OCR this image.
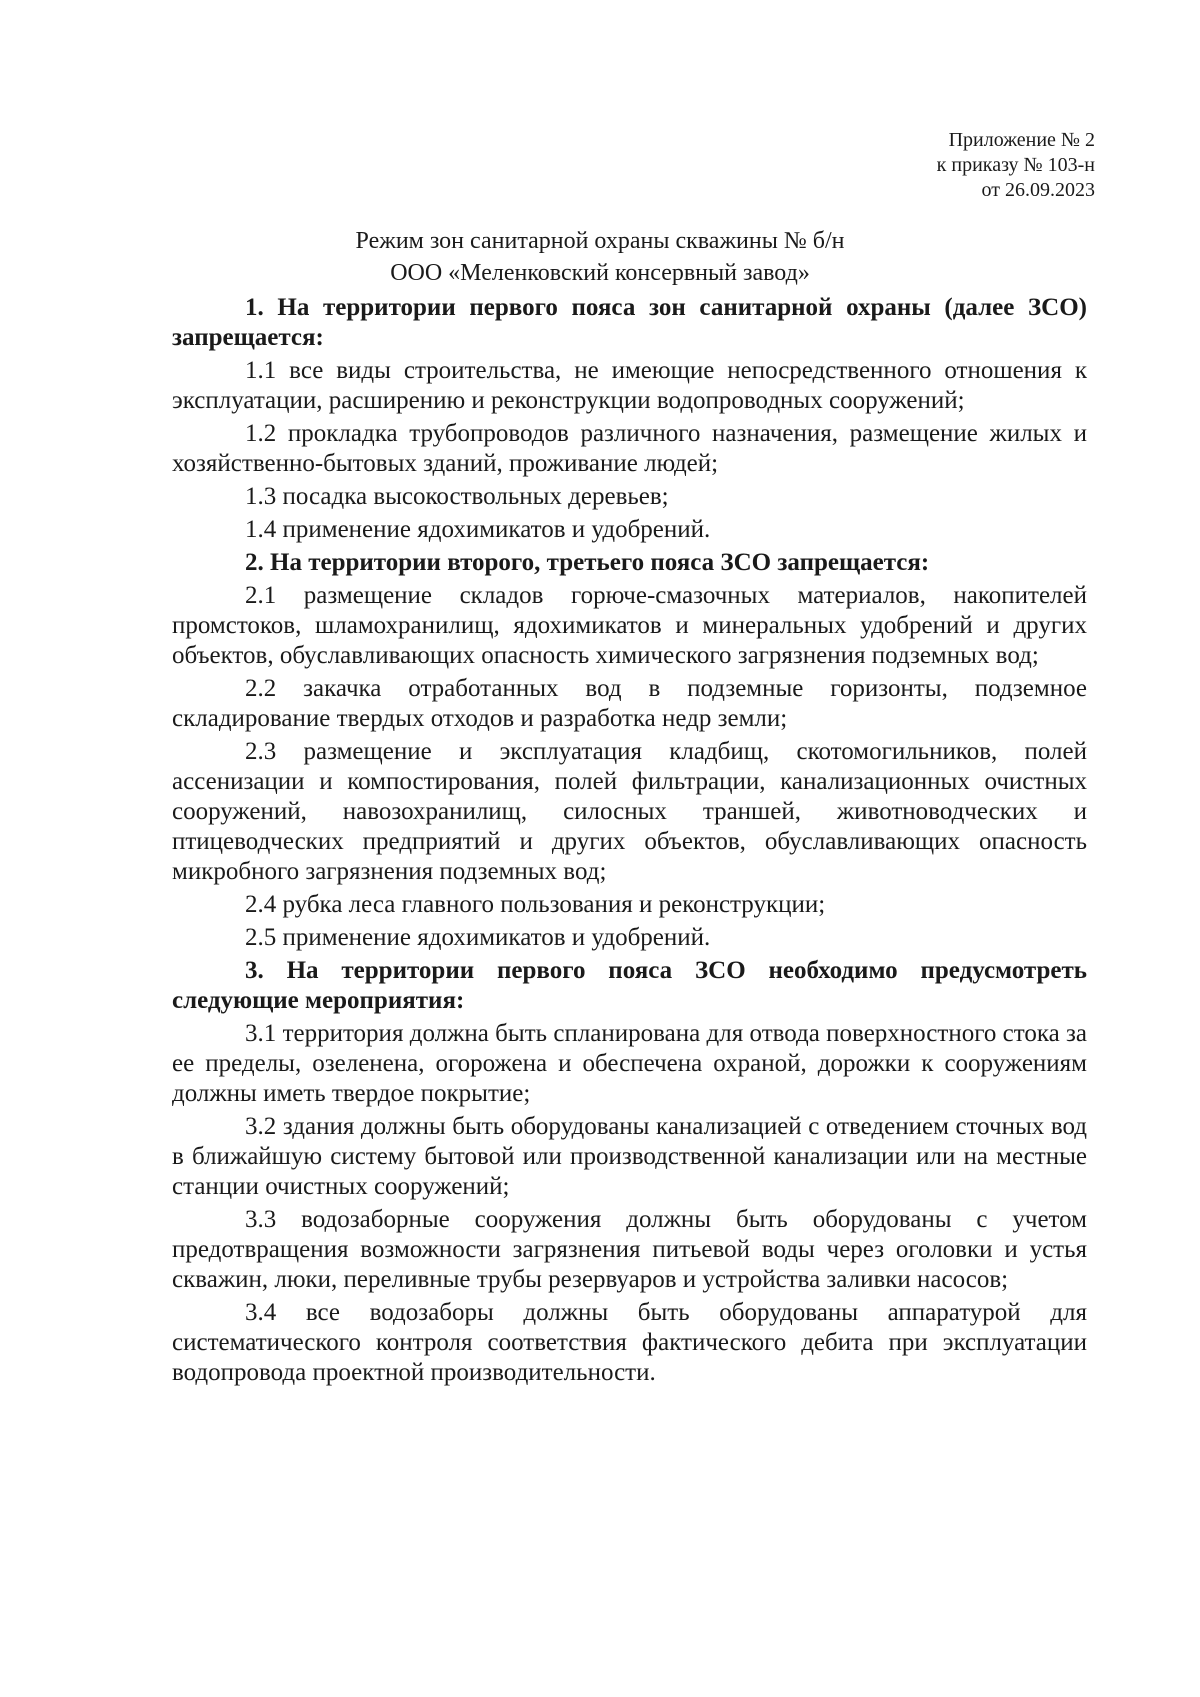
Приложение № 2
к приказу № 103-н
от 26.09.2023
Режим зон санитарной охраны скважины № б/н
ООО «Меленковский консервный завод»

1. На территории первого пояса зон санитарной охраны (далее ЗСО) запрещается:

1.1 все виды строительства, не имеющие непосредственного отношения к эксплуатации, расширению и реконструкции водопроводных сооружений;

1.2 прокладка трубопроводов различного назначения, размещение жилых и хозяйственно-бытовых зданий, проживание людей;

1.3 посадка высокоствольных деревьев;

1.4 применение ядохимикатов и удобрений.

2. На территории второго, третьего пояса ЗСО запрещается:

2.1 размещение складов горюче-смазочных материалов, накопителей промстоков, шламохранилищ, ядохимикатов и минеральных удобрений и других объектов, обуславливающих опасность химического загрязнения подземных вод;

2.2 закачка отработанных вод в подземные горизонты, подземное складирование твердых отходов и разработка недр земли;

2.3 размещение и эксплуатация кладбищ, скотомогильников, полей ассенизации и компостирования, полей фильтрации, канализационных очистных сооружений, навозохранилищ, силосных траншей, животноводческих и птицеводческих предприятий и других объектов, обуславливающих опасность микробного загрязнения подземных вод;

2.4 рубка леса главного пользования и реконструкции;

2.5 применение ядохимикатов и удобрений.

3. На территории первого пояса ЗСО необходимо предусмотреть следующие мероприятия:

3.1 территория должна быть спланирована для отвода поверхностного стока за ее пределы, озеленена, огорожена и обеспечена охраной, дорожки к сооружениям должны иметь твердое покрытие;

3.2 здания должны быть оборудованы канализацией с отведением сточных вод в ближайшую систему бытовой или производственной канализации или на местные станции очистных сооружений;

3.3 водозаборные сооружения должны быть оборудованы с учетом предотвращения возможности загрязнения питьевой воды через оголовки и устья скважин, люки, переливные трубы резервуаров и устройства заливки насосов;

3.4 все водозаборы должны быть оборудованы аппаратурой для систематического контроля соответствия фактического дебита при эксплуатации водопровода проектной производительности.
